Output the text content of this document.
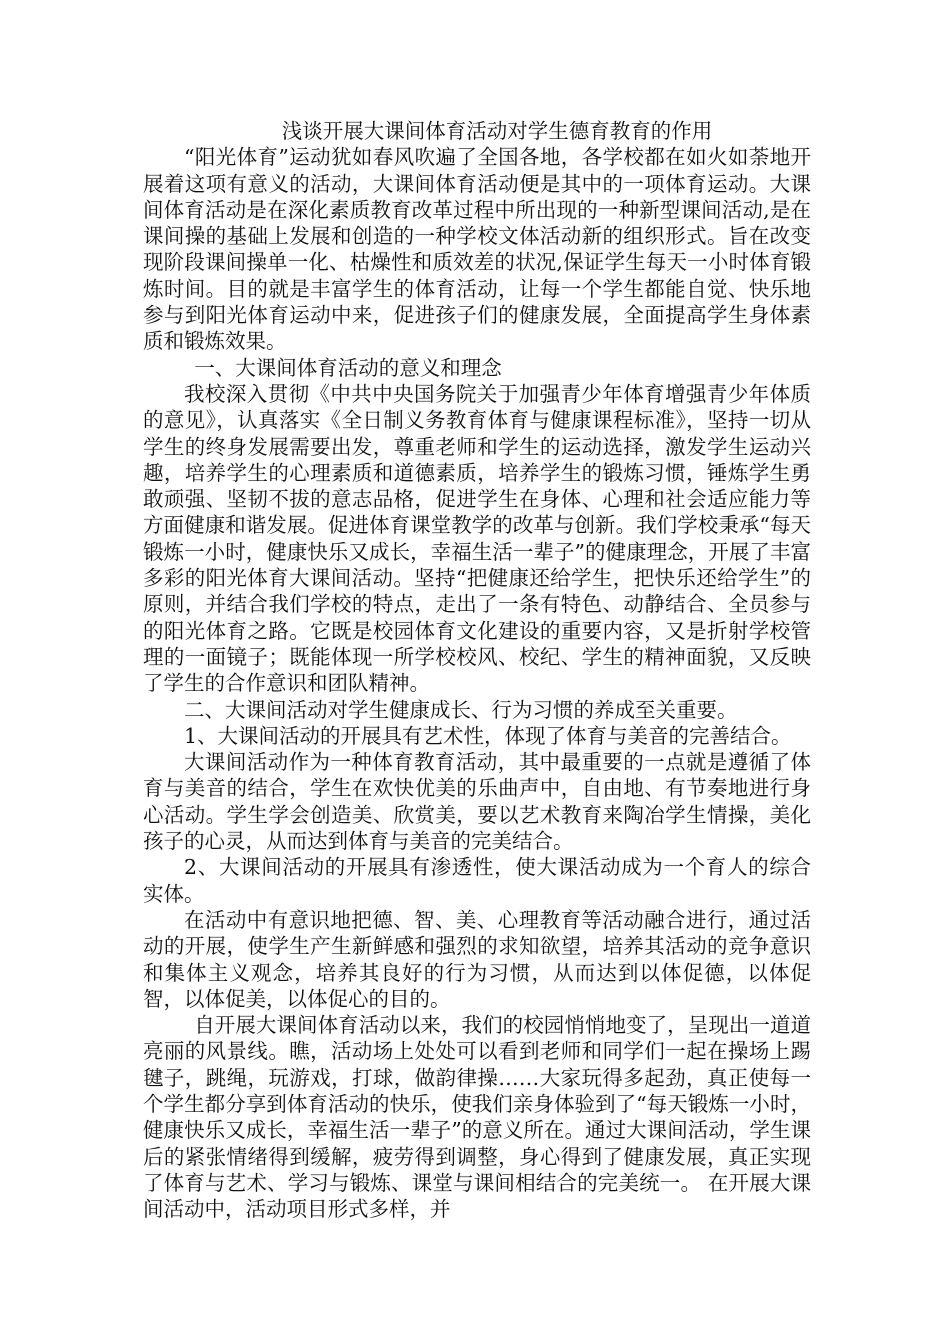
浅谈开展大课间体育活动对学生德育教育的作用

“阳光体育”运动犹如春风吹遍了全国各地，各学校都在如火如荼地开展着这项有意义的活动，大课间体育活动便是其中的一项体育运动。大课间体育活动是在深化素质教育改革过程中所出现的一种新型课间活动,是在课间操的基础上发展和创造的一种学校文体活动新的组织形式。旨在改变现阶段课间操单一化、枯燥性和质效差的状况,保证学生每天一小时体育锻炼时间。目的就是丰富学生的体育活动，让每一个学生都能自觉、快乐地参与到阳光体育运动中来，促进孩子们的健康发展，全面提高学生身体素质和锻炼效果。

一、大课间体育活动的意义和理念

我校深入贯彻《中共中央国务院关于加强青少年体育增强青少年体质的意见》，认真落实《全日制义务教育体育与健康课程标准》，坚持一切从学生的终身发展需要出发，尊重老师和学生的运动选择，激发学生运动兴趣，培养学生的心理素质和道德素质，培养学生的锻炼习惯，锤炼学生勇敢顽强、坚韧不拔的意志品格，促进学生在身体、心理和社会适应能力等方面健康和谐发展。促进体育课堂教学的改革与创新。我们学校秉承“每天锻炼一小时，健康快乐又成长，幸福生活一辈子”的健康理念，开展了丰富多彩的阳光体育大课间活动。坚持“把健康还给学生，把快乐还给学生”的原则，并结合我们学校的特点，走出了一条有特色、动静结合、全员参与的阳光体育之路。它既是校园体育文化建设的重要内容，又是折射学校管理的一面镜子；既能体现一所学校校风、校纪、学生的精神面貌，又反映了学生的合作意识和团队精神。

二、大课间活动对学生健康成长、行为习惯的养成至关重要。

1、大课间活动的开展具有艺术性，体现了体育与美音的完善结合。

大课间活动作为一种体育教育活动，其中最重要的一点就是遵循了体育与美音的结合，学生在欢快优美的乐曲声中，自由地、有节奏地进行身心活动。学生学会创造美、欣赏美，要以艺术教育来陶冶学生情操，美化孩子的心灵，从而达到体育与美音的完美结合。

2、大课间活动的开展具有渗透性，使大课活动成为一个育人的综合实体。

在活动中有意识地把德、智、美、心理教育等活动融合进行，通过活动的开展，使学生产生新鲜感和强烈的求知欲望，培养其活动的竞争意识和集体主义观念，培养其良好的行为习惯，从而达到以体促德，以体促智，以体促美，以体促心的目的。

自开展大课间体育活动以来，我们的校园悄悄地变了，呈现出一道道亮丽的风景线。瞧，活动场上处处可以看到老师和同学们一起在操场上踢毽子，跳绳，玩游戏，打球，做韵律操……大家玩得多起劲，真正使每一个学生都分享到体育活动的快乐，使我们亲身体验到了“每天锻炼一小时，健康快乐又成长，幸福生活一辈子”的意义所在。通过大课间活动，学生课后的紧张情绪得到缓解，疲劳得到调整，身心得到了健康发展，真正实现了体育与艺术、学习与锻炼、课堂与课间相结合的完美统一。 在开展大课间活动中，活动项目形式多样，并
